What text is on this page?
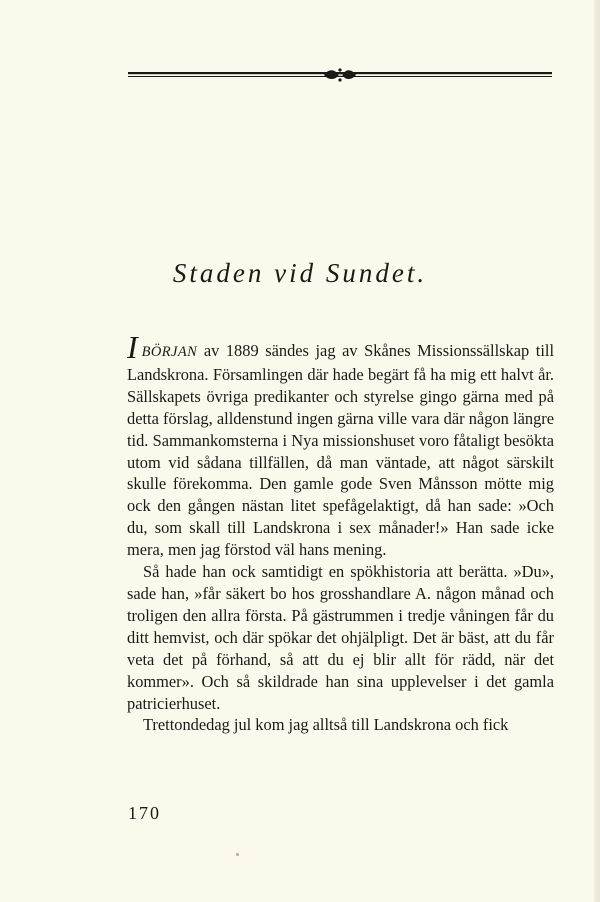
Staden vid Sundet.

IBÖRJAN av 1889 sändes jag av Skånes Missionssällskap till Landskrona. Församlingen där hade begärt få ha mig ett halvt år. Sällskapets övriga predikanter och styrelse gingo gärna med på detta förslag, alldenstund ingen gärna ville vara där någon längre tid. Sammankomsterna i Nya missionshuset voro fåtaligt besökta utom vid sådana tillfällen, då man väntade, att något särskilt skulle förekomma. Den gamle gode Sven Månsson mötte mig ock den gången nästan litet spefågelaktigt, då han sade: »Och du, som skall till Landskrona i sex månader!» Han sade icke mera, men jag förstod väl hans mening.

Så hade han ock samtidigt en spökhistoria att berätta. »Du», sade han, »får säkert bo hos grosshandlare A. någon månad och troligen den allra första. På gästrummen i tredje våningen får du ditt hemvist, och där spökar det ohjälpligt. Det är bäst, att du får veta det på förhand, så att du ej blir allt för rädd, när det kommer». Och så skildrade han sina upplevelser i det gamla patricierhuset.

Trettondedag jul kom jag alltså till Landskrona och fick

170
